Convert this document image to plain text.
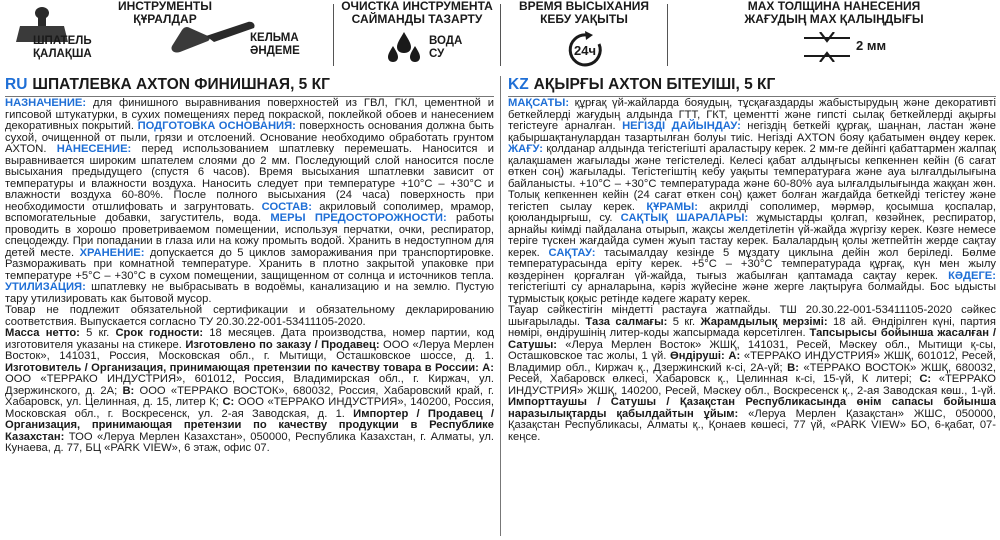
ИНСТРУМЕНТЫ
ҚҰРАЛДАР
ШПАТЕЛЬ
ҚАЛАҚША
КЕЛЬМА
ӘНДЕМЕ
ОЧИСТКА ИНСТРУМЕНТА
САЙМАНДЫ ТАЗАРТУ
ВОДА
СУ
ВРЕМЯ ВЫСЫХАНИЯ
КЕБУ УАҚЫТЫ
24ч
MAX ТОЛЩИНА НАНЕСЕНИЯ
ЖАҒУДЫҢ MAX ҚАЛЫҢДЫҒЫ
2 мм
RU ШПАТЛЕВКА AXTON ФИНИШНАЯ, 5 КГ

НАЗНАЧЕНИЕ: для финишного выравнивания поверхностей из ГВЛ, ГКЛ, цементной и гипсовой штукатурки, в сухих помещениях перед покраской, поклейкой обоев и нанесением декоративных покрытий. ПОДГОТОВКА ОСНОВАНИЯ: поверхность основания должна быть сухой, очищенной от пыли, грязи и отслоений. Основание необходимо обработать грунтом AXTON. НАНЕСЕНИЕ: перед использованием шпатлевку перемешать. Наносится и выравнивается широким шпателем слоями до 2 мм. Последующий слой наносится после высыхания предыдущего (спустя 6 часов). Время высыхания шпатлевки зависит от температуры и влажности воздуха. Наносить следует при температуре +10°С – +30°С и влажности воздуха 60-80%. После полного высыхания (24 часа) поверхность при необходимости отшлифовать и загрунтовать. СОСТАВ: акриловый сополимер, мрамор, вспомогательные добавки, загуститель, вода. МЕРЫ ПРЕДОСТОРОЖНОСТИ: работы проводить в хорошо проветриваемом помещении, используя перчатки, очки, респиратор, спецодежду. При попадании в глаза или на кожу промыть водой. Хранить в недоступном для детей месте. ХРАНЕНИЕ: допускается до 5 циклов замораживания при транспортировке. Размораживать при комнатной температуре. Хранить в плотно закрытой упаковке при температуре +5°С – +30°С в сухом помещении, защищенном от солнца и источников тепла. УТИЛИЗАЦИЯ: шпатлевку не выбрасывать в водоёмы, канализацию и на землю. Пустую тару утилизировать как бытовой мусор.

Товар не подлежит обязательной сертификации и обязательному декларированию соответствия. Выпускается согласно ТУ 20.30.22-001-53411105-2020.
Масса нетто: 5 кг. Срок годности: 18 месяцев. Дата производства, номер партии, код изготовителя указаны на стикере. Изготовлено по заказу / Продавец: ООО «Леруа Мерлен Восток», 141031, Россия, Московская обл., г. Мытищи, Осташковское шоссе, д. 1. Изготовитель / Организация, принимающая претензии по качеству товара в России: А: ООО «ТЕРРАКО ИНДУСТРИЯ», 601012, Россия, Владимирская обл., г. Киржач, ул. Дзержинского, д. 2А; В: ООО «ТЕРРАКО ВОСТОК», 680032, Россия, Хабаровский край, г. Хабаровск, ул. Целинная, д. 15, литер К; С: ООО «ТЕРРАКО ИНДУСТРИЯ», 140200, Россия, Московская обл., г. Воскресенск, ул. 2-ая Заводская, д. 1. Импортер / Продавец / Организация, принимающая претензии по качеству продукции в Республике Казахстан: ТОО «Леруа Мерлен Казахстан», 050000, Республика Казахстан, г. Алматы, ул. Кунаева, д. 77, БЦ «PARK VIEW», 6 этаж, офис 07.

KZ АҚЫРҒЫ AXTON БІТЕУІШІ, 5 КГ

МАҚСАТЫ: құрғақ үй-жайларда бояудың, тұсқағаздарды жабыстырудың және декоративті беткейлерді жағудың алдында ГТТ, ГКТ, цементті және гипсті сылақ беткейлерді ақырғы тегістеуге арналған. НЕГІЗДІ ДАЙЫНДАУ: негіздің беткейі құрғақ, шаңнан, ластан және қабыршақтанулардан тазартылған болуы тиіс. Негізді AXTON бояу қабатымен өңдеу керек. ЖАҒУ: қолданар алдында тегістегішті араластыру керек. 2 мм-ге дейінгі қабаттармен жалпақ қалақшамен жағылады және тегістеледі. Келесі қабат алдыңғысы кепкеннен кейін (6 сағат өткен соң) жағылады. Тегістегіштің кебу уақыты температураға және ауа ылғалдылығына байланысты. +10°С – +30°С температурада және 60-80% ауа ылғалдылығында жаққан жөн. Толық кепкеннен кейін (24 сағат өткен соң) қажет болған жағдайда беткейді тегістеу және тегістеп сылау керек. ҚҰРАМЫ: акрилді сополимер, мәрмәр, қосымша қоспалар, қоюландырғыш, су. САҚТЫҚ ШАРАЛАРЫ: жұмыстарды қолғап, көзәйнек, респиратор, арнайы киімді пайдалана отырып, жақсы желдетілетін үй-жайда жүргізу керек. Көзге немесе теріге түскен жағдайда сумен жуып тастау керек. Балалардың қолы жетпейтін жерде сақтау керек. САҚТАУ: тасымалдау кезінде 5 мұздату циклына дейін жол беріледі. Бөлме температурасында еріту керек. +5°С – +30°С температурада құрғақ, күн мен жылу көздерінен қорғалған үй-жайда, тығыз жабылған қаптамада сақтау керек. КӘДЕГЕ: тегістегішті су арналарына, кәріз жүйесіне және жерге лақтыруға болмайды. Бос ыдысты тұрмыстық қоқыс ретінде кәдеге жарату керек.

Тауар сәйкестігін міндетті растауға жатпайды. ТШ 20.30.22-001-53411105-2020 сәйкес шығарылады. Таза салмағы: 5 кг. Жарамдылық мерзімі: 18 ай. Өндірілген күні, партия нөмірі, өндірушінің литер-коды жапсырмада көрсетілген. Тапсырысы бойынша жасалған / Сатушы: «Леруа Мерлен Восток» ЖШҚ, 141031, Ресей, Мәскеу обл., Мытищи қ-сы, Осташковское тас жолы, 1 үй. Өндіруші: А: «ТЕРРАКО ИНДУСТРИЯ» ЖШҚ, 601012, Ресей, Владимир обл., Киржач қ., Дзержинский к-сі, 2А-үй; В: «ТЕРРАКО ВОСТОК» ЖШҚ, 680032, Ресей, Хабаровск өлкесі, Хабаровск қ., Целинная к-сі, 15-үй, К литері; С: «ТЕРРАКО ИНДУСТРИЯ» ЖШҚ, 140200, Ресей, Мәскеу обл., Воскресенск қ., 2-ая Заводская көш., 1-үй. Импорттаушы / Сатушы / Қазақстан Республикасында өнім сапасы бойынша наразылықтарды қабылдайтын ұйым: «Леруа Мерлен Қазақстан» ЖШС, 050000, Қазақстан Республикасы, Алматы қ., Қонаев көшесі, 77 үй, «PARK VIEW» БО, 6-қабат, 07-кеңсе.
